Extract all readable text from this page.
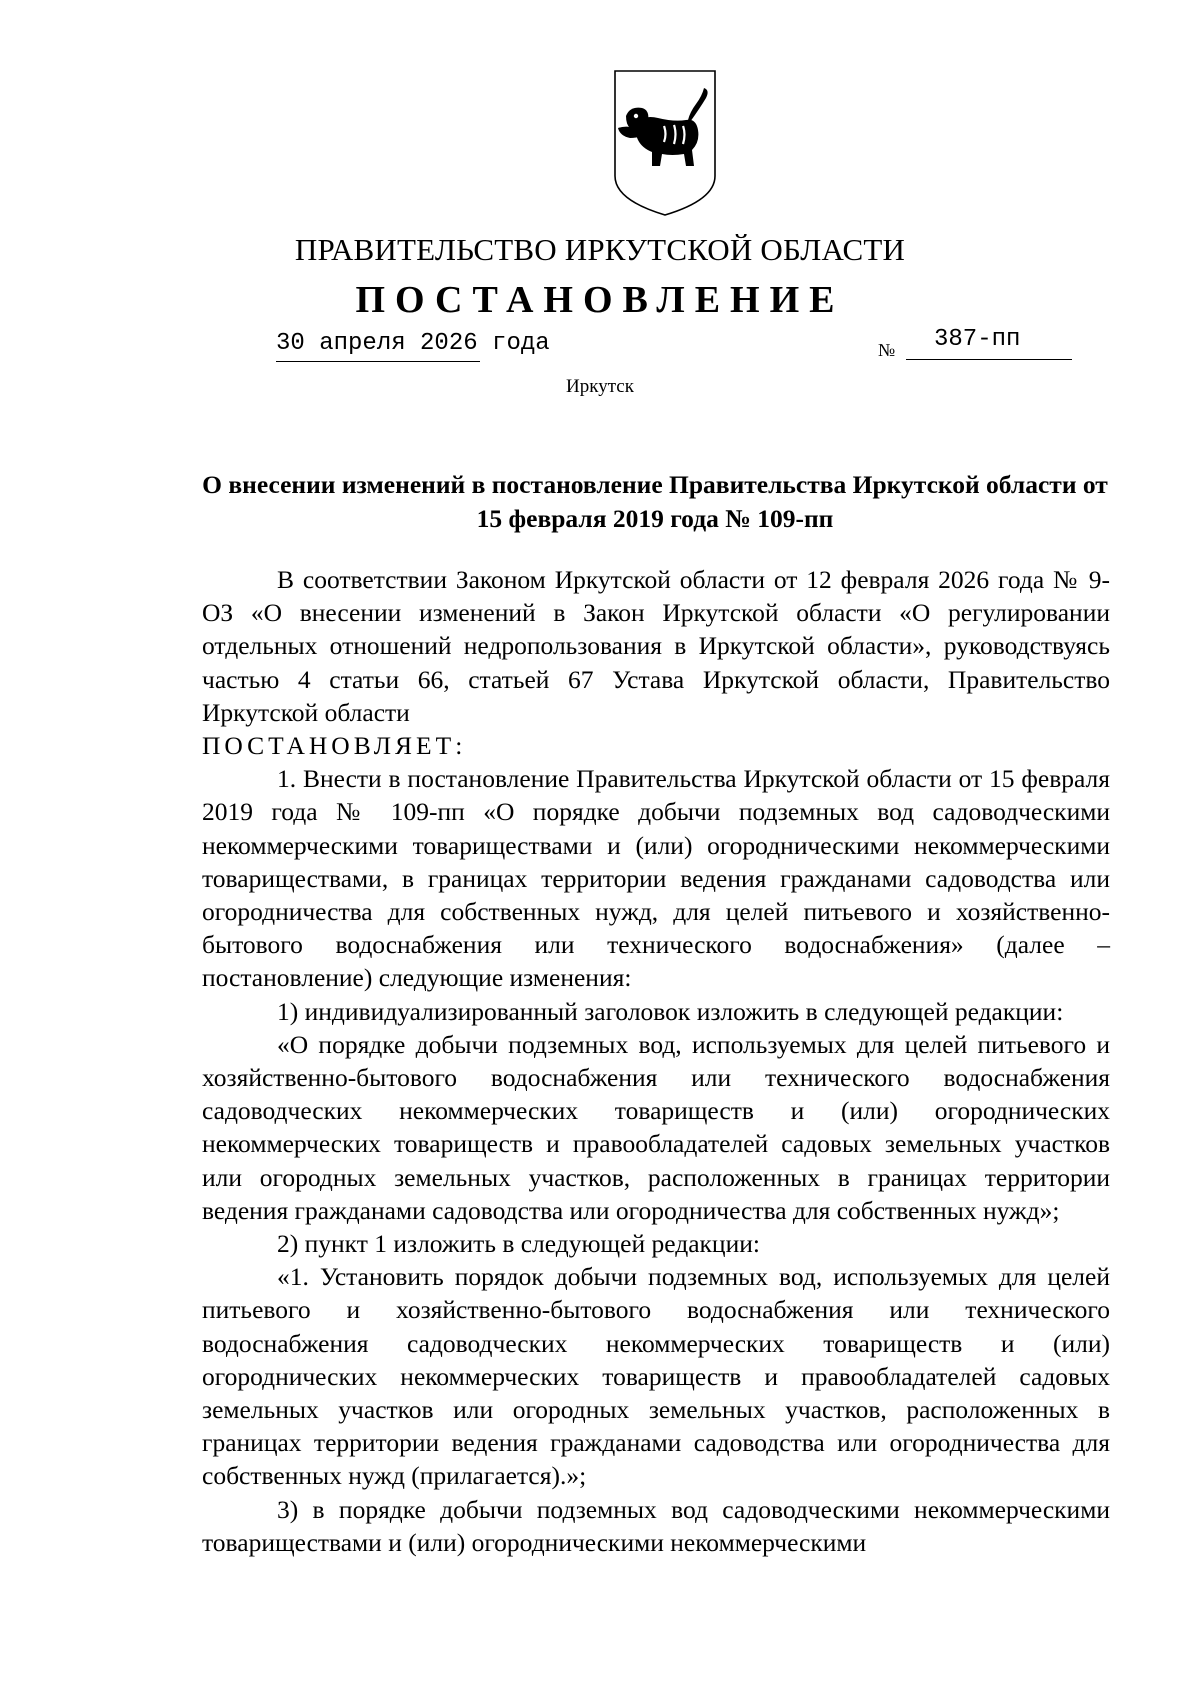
ПРАВИТЕЛЬСТВО ИРКУТСКОЙ ОБЛАСТИ
ПОСТАНОВЛЕНИЕ
30 апреля 2026 года	№ 387-пп
Иркутск
О внесении изменений в постановление Правительства Иркутской области от 15 февраля 2019 года № 109-пп

В соответствии Законом Иркутской области от 12 февраля 2026 года № 9-ОЗ «О внесении изменений в Закон Иркутской области «О регулировании отдельных отношений недропользования в Иркутской области», руководствуясь частью 4 статьи 66, статьей 67 Устава Иркутской области, Правительство Иркутской области

ПОСТАНОВЛЯЕТ:

1. Внести в постановление Правительства Иркутской области от 15 февраля 2019 года № 109-пп «О порядке добычи подземных вод садоводческими некоммерческими товариществами и (или) огородническими некоммерческими товариществами, в границах территории ведения гражданами садоводства или огородничества для собственных нужд, для целей питьевого и хозяйственно-бытового водоснабжения или технического водоснабжения» (далее – постановление) следующие изменения:

1) индивидуализированный заголовок изложить в следующей редакции:

«О порядке добычи подземных вод, используемых для целей питьевого и хозяйственно-бытового водоснабжения или технического водоснабжения садоводческих некоммерческих товариществ и (или) огороднических некоммерческих товариществ и правообладателей садовых земельных участков или огородных земельных участков, расположенных в границах территории ведения гражданами садоводства или огородничества для собственных нужд»;

2) пункт 1 изложить в следующей редакции:

«1. Установить порядок добычи подземных вод, используемых для целей питьевого и хозяйственно-бытового водоснабжения или технического водоснабжения садоводческих некоммерческих товариществ и (или) огороднических некоммерческих товариществ и правообладателей садовых земельных участков или огородных земельных участков, расположенных в границах территории ведения гражданами садоводства или огородничества для собственных нужд (прилагается).»;

3) в порядке добычи подземных вод садоводческими некоммерческими товариществами и (или) огородническими некоммерческими
